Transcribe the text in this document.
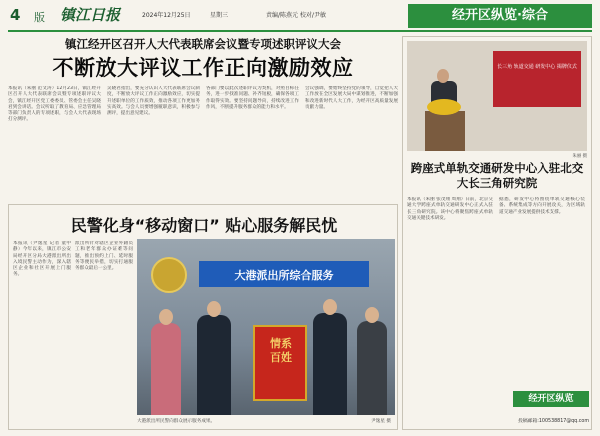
4 版 镇江日报	2024年12月25日	星期三	责编/陈燕元 校对/尹敏	经开区纵览·综合
镇江经开区召开人大代表联席会议暨专项述职评议大会
不断放大评议工作正向激励效应

本报讯（朱丽 范文涛）12月23日，镇江经开区召开人大代表联席会议暨专项述职评议大会，镇江经开区党工委委员、管委会主任吴晓君到会讲话。会议听取了教育局、应急管理局等部门负责人的专项述职，与会人大代表现场打分测评。

吴晓君指出，要充分认识人大代表联席会议制度，不断放大评议工作正向激励效应，切实提升述职单位的工作质效，推动各项工作更加务实高效。与会人员要增强履职意识，积极参与测评，提出意见建议。

各部门要以此次述职评议为契机，对照目标任务，进一步找准问题、补齐短板，确保各项工作取得实效。要坚持问题导向，持续改进工作作风，不断提升服务群众的能力和水平。

会议强调，要始终坚持党的领导，自觉把人大工作放在全区发展大局中谋划推进，不断加强和改进新时代人大工作，为经开区高质量发展贡献力量。

民警化身“移动窗口” 贴心服务解民忧

本报讯（尹逸星 记者 童中静）今年以来，镇江市公安局经开区分局大港派出所出入境民警主动作为，深入辖区企业和社区开展上门服务。

派出所针对辖区企业外籍员工和老年群众办证难等问题，推出预约上门、延时服务等便民举措，切实打通服务群众最后一公里。

大港派出所综合服务
情系
百姓
大港派出所民警向群众展示服务成果。	尹逸星 摄
长三角 轨道交通 研发中心 揭牌仪式
朱丽 摄
跨座式单轨交通研发中心入驻北交大长三角研究院

本报讯（朱丽 张茂翔 周翔）日前，北京交通大学跨座式单轨交通研发中心正式入驻长三角研究院。该中心将聚焦跨座式单轨交通关键技术研发。

据悉，研发中心将围绕单轨交通核心装备、系统集成等方向开展攻关，为区域轨道交通产业发展提供技术支撑。

经开区纵览
投稿邮箱:100538817@qq.com
